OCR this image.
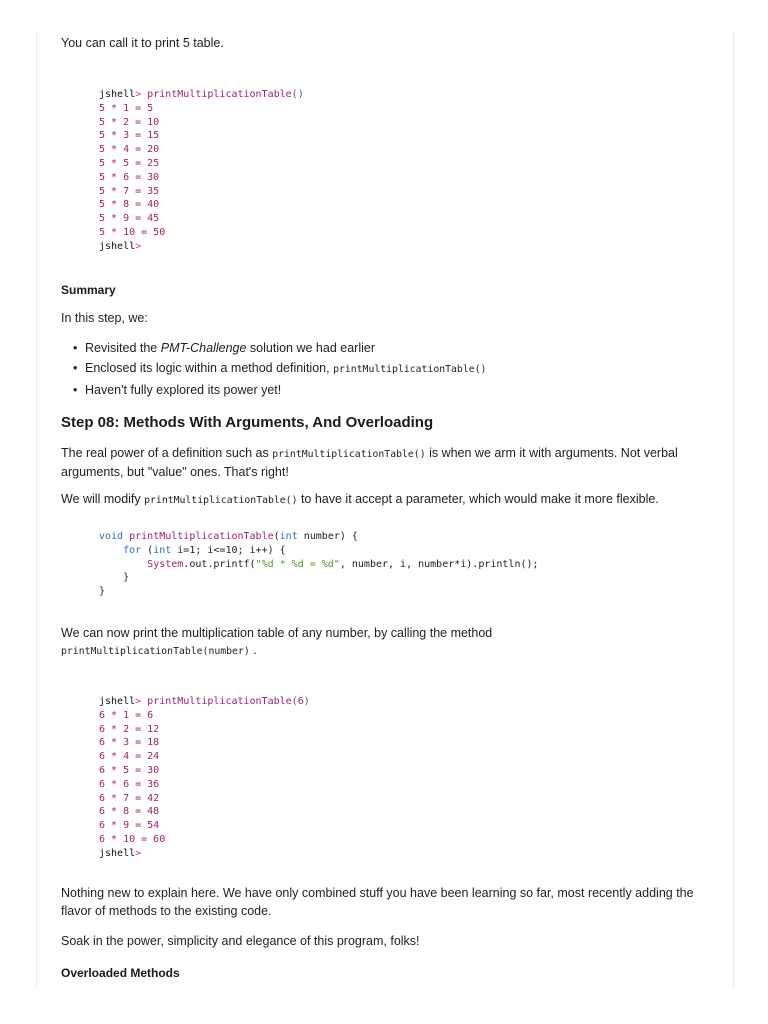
You can call it to print 5 table.

jshell> printMultiplicationTable()
5 * 1 = 5
5 * 2 = 10
5 * 3 = 15
5 * 4 = 20
5 * 5 = 25
5 * 6 = 30
5 * 7 = 35
5 * 8 = 40
5 * 9 = 45
5 * 10 = 50
jshell>
Summary

In this step, we:

• Revisited the PMT-Challenge solution we had earlier
• Enclosed its logic within a method definition, printMultiplicationTable()
• Haven't fully explored its power yet!
Step 08: Methods With Arguments, And Overloading

The real power of a definition such as printMultiplicationTable() is when we arm it with arguments. Not verbal arguments, but "value" ones. That's right!

We will modify printMultiplicationTable() to have it accept a parameter, which would make it more flexible.

void printMultiplicationTable(int number) {
for (int i=1; i<=10; i++) {
System.out.printf("%d * %d = %d", number, i, number*i).println();
}
}

We can now print the multiplication table of any number, by calling the method

printMultiplicationTable(number) .

jshell> printMultiplicationTable(6)
6 * 1 = 6
6 * 2 = 12
6 * 3 = 18
6 * 4 = 24
6 * 5 = 30
6 * 6 = 36
6 * 7 = 42
6 * 8 = 48
6 * 9 = 54
6 * 10 = 60
jshell>

Nothing new to explain here. We have only combined stuff you have been learning so far, most recently adding the flavor of methods to the existing code.

Soak in the power, simplicity and elegance of this program, folks!

Overloaded Methods
